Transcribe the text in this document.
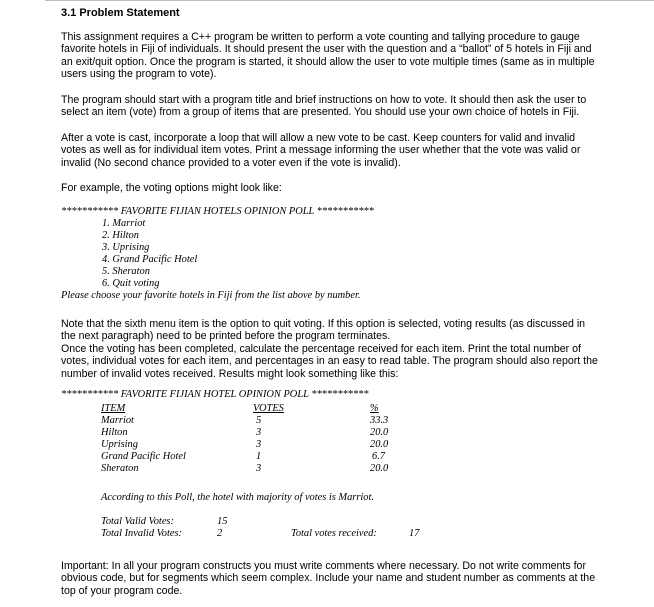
3.1 Problem Statement

This assignment requires a C++ program be written to perform a vote counting and tallying procedure to gauge favorite hotels in Fiji of individuals. It should present the user with the question and a “ballot” of 5 hotels in Fiji and an exit/quit option. Once the program is started, it should allow the user to vote multiple times (same as in multiple users using the program to vote).

The program should start with a program title and brief instructions on how to vote. It should then ask the user to select an item (vote) from a group of items that are presented. You should use your own choice of hotels in Fiji.

After a vote is cast, incorporate a loop that will allow a new vote to be cast. Keep counters for valid and invalid votes as well as for individual item votes. Print a message informing the user whether that the vote was valid or invalid (No second chance provided to a voter even if the vote is invalid).

For example, the voting options might look like:

*********** FAVORITE FIJIAN HOTELS OPINION POLL ***********
1. Marriot
2. Hilton
3. Uprising
4. Grand Pacific Hotel
5. Sheraton
6. Quit voting
Please choose your favorite hotels in Fiji from the list above by number.

Note that the sixth menu item is the option to quit voting. If this option is selected, voting results (as discussed in the next paragraph) need to be printed before the program terminates.

Once the voting has been completed, calculate the percentage received for each item. Print the total number of votes, individual votes for each item, and percentages in an easy to read table. The program should also report the number of invalid votes received. Results might look something like this:

*********** FAVORITE FIJIAN HOTEL OPINION POLL ***********
ITEM	VOTES	%
Marriot	5	33.3
Hilton	3	20.0
Uprising	3	20.0
Grand Pacific Hotel	1	6.7
Sheraton	3	20.0
According to this Poll, the hotel with majority of votes is Marriot.
Total Valid Votes:	15
Total Invalid Votes:	2	Total votes received:	17

Important: In all your program constructs you must write comments where necessary. Do not write comments for obvious code, but for segments which seem complex. Include your name and student number as comments at the top of your program code.
